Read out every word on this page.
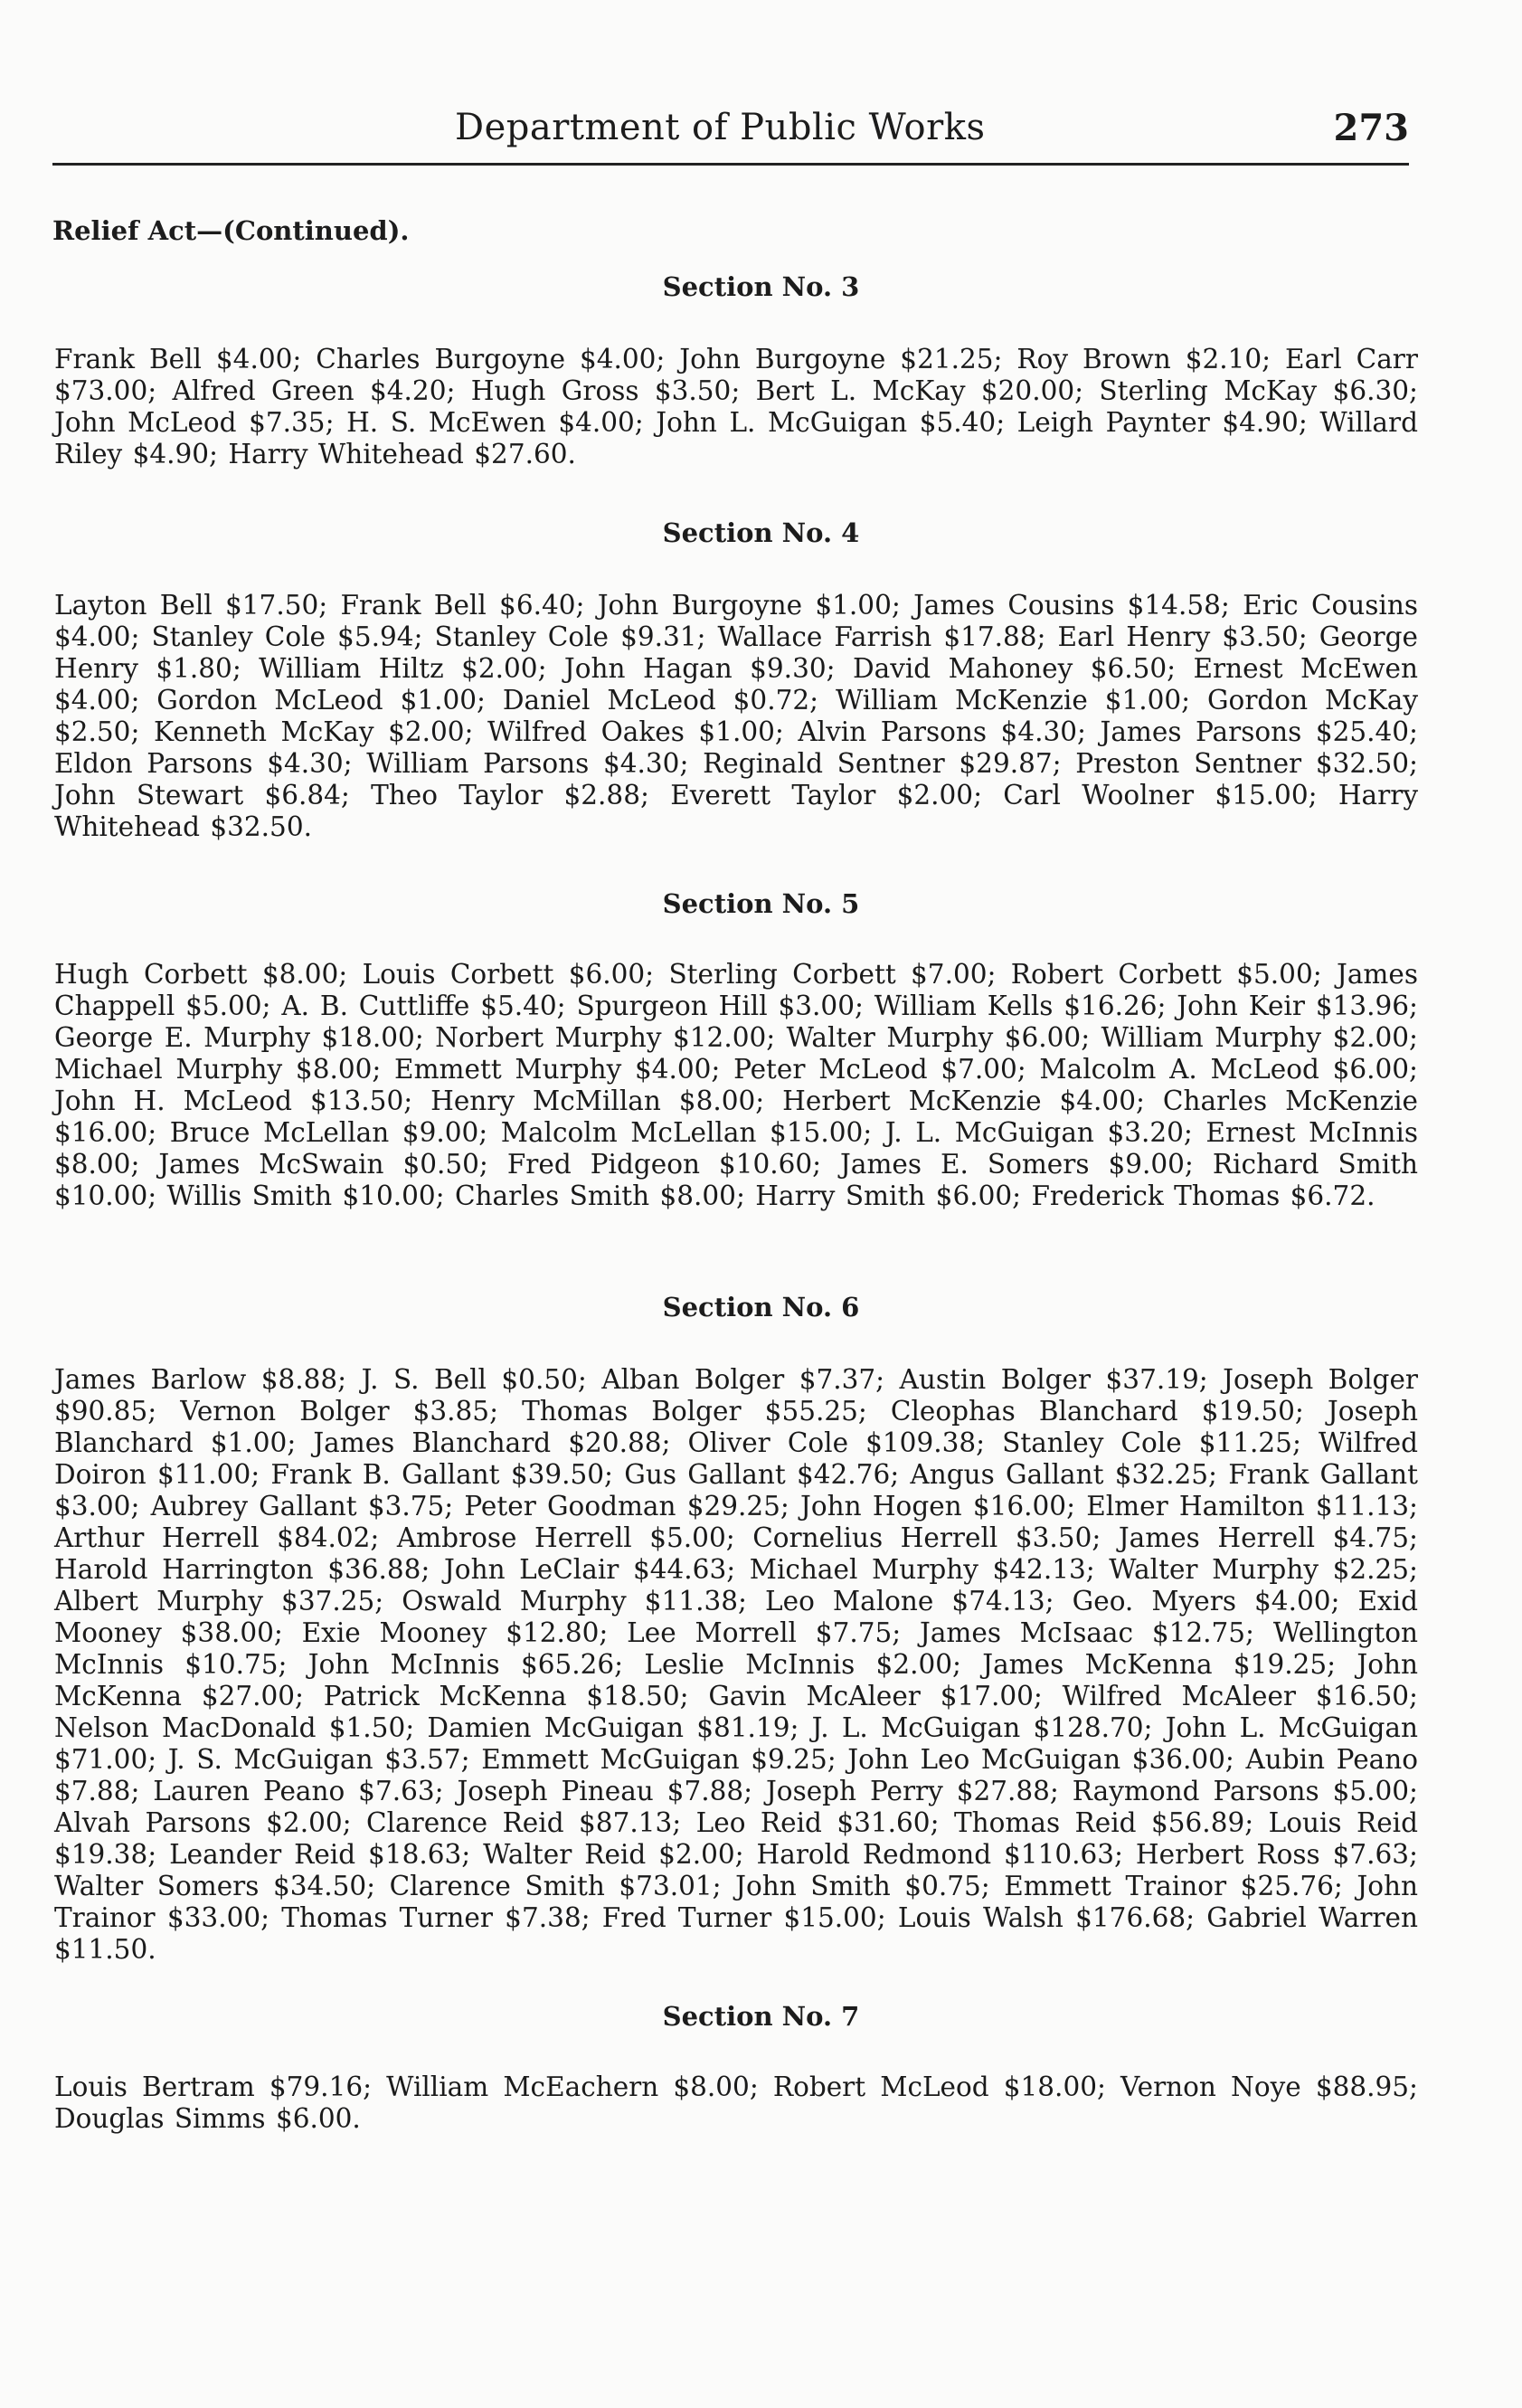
Department of Public Works	273
Relief Act—(Continued).
Section No. 3
Frank Bell $4.00; Charles Burgoyne $4.00; John Burgoyne $21.25; Roy Brown $2.10; Earl Carr $73.00; Alfred Green $4.20; Hugh Gross $3.50; Bert L. McKay $20.00; Sterling McKay $6.30; John McLeod $7.35; H. S. McEwen $4.00; John L. McGuigan $5.40; Leigh Paynter $4.90; Willard Riley $4.90; Harry Whitehead $27.60.
Section No. 4
Layton Bell $17.50; Frank Bell $6.40; John Burgoyne $1.00; James Cousins $14.58; Eric Cousins $4.00; Stanley Cole $5.94; Stanley Cole $9.31; Wallace Farrish $17.88; Earl Henry $3.50; George Henry $1.80; William Hiltz $2.00; John Hagan $9.30; David Mahoney $6.50; Ernest McEwen $4.00; Gordon McLeod $1.00; Daniel McLeod $0.72; William McKenzie $1.00; Gordon McKay $2.50; Kenneth McKay $2.00; Wilfred Oakes $1.00; Alvin Parsons $4.30; James Parsons $25.40; Eldon Parsons $4.30; William Parsons $4.30; Reginald Sentner $29.87; Preston Sentner $32.50; John Stewart $6.84; Theo Taylor $2.88; Everett Taylor $2.00; Carl Woolner $15.00; Harry Whitehead $32.50.
Section No. 5
Hugh Corbett $8.00; Louis Corbett $6.00; Sterling Corbett $7.00; Robert Corbett $5.00; James Chappell $5.00; A. B. Cuttliffe $5.40; Spurgeon Hill $3.00; William Kells $16.26; John Keir $13.96; George E. Murphy $18.00; Norbert Murphy $12.00; Walter Murphy $6.00; William Murphy $2.00; Michael Murphy $8.00; Emmett Murphy $4.00; Peter McLeod $7.00; Malcolm A. McLeod $6.00; John H. McLeod $13.50; Henry McMillan $8.00; Herbert McKenzie $4.00; Charles McKenzie $16.00; Bruce McLellan $9.00; Malcolm McLellan $15.00; J. L. McGuigan $3.20; Ernest McInnis $8.00; James McSwain $0.50; Fred Pidgeon $10.60; James E. Somers $9.00; Richard Smith $10.00; Willis Smith $10.00; Charles Smith $8.00; Harry Smith $6.00; Frederick Thomas $6.72.
Section No. 6
James Barlow $8.88; J. S. Bell $0.50; Alban Bolger $7.37; Austin Bolger $37.19; Joseph Bolger $90.85; Vernon Bolger $3.85; Thomas Bolger $55.25; Cleophas Blanchard $19.50; Joseph Blanchard $1.00; James Blanchard $20.88; Oliver Cole $109.38; Stanley Cole $11.25; Wilfred Doiron $11.00; Frank B. Gallant $39.50; Gus Gallant $42.76; Angus Gallant $32.25; Frank Gallant $3.00; Aubrey Gallant $3.75; Peter Goodman $29.25; John Hogen $16.00; Elmer Hamilton $11.13; Arthur Herrell $84.02; Ambrose Herrell $5.00; Cornelius Herrell $3.50; James Herrell $4.75; Harold Harrington $36.88; John LeClair $44.63; Michael Murphy $42.13; Walter Murphy $2.25; Albert Murphy $37.25; Oswald Murphy $11.38; Leo Malone $74.13; Geo. Myers $4.00; Exid Mooney $38.00; Exie Mooney $12.80; Lee Morrell $7.75; James McIsaac $12.75; Wellington McInnis $10.75; John McInnis $65.26; Leslie McInnis $2.00; James McKenna $19.25; John McKenna $27.00; Patrick McKenna $18.50; Gavin McAleer $17.00; Wilfred McAleer $16.50; Nelson MacDonald $1.50; Damien McGuigan $81.19; J. L. McGuigan $128.70; John L. McGuigan $71.00; J. S. McGuigan $3.57; Emmett McGuigan $9.25; John Leo McGuigan $36.00; Aubin Peano $7.88; Lauren Peano $7.63; Joseph Pineau $7.88; Joseph Perry $27.88; Raymond Parsons $5.00; Alvah Parsons $2.00; Clarence Reid $87.13; Leo Reid $31.60; Thomas Reid $56.89; Louis Reid $19.38; Leander Reid $18.63; Walter Reid $2.00; Harold Redmond $110.63; Herbert Ross $7.63; Walter Somers $34.50; Clarence Smith $73.01; John Smith $0.75; Emmett Trainor $25.76; John Trainor $33.00; Thomas Turner $7.38; Fred Turner $15.00; Louis Walsh $176.68; Gabriel Warren $11.50.
Section No. 7
Louis Bertram $79.16; William McEachern $8.00; Robert McLeod $18.00; Vernon Noye $88.95; Douglas Simms $6.00.
